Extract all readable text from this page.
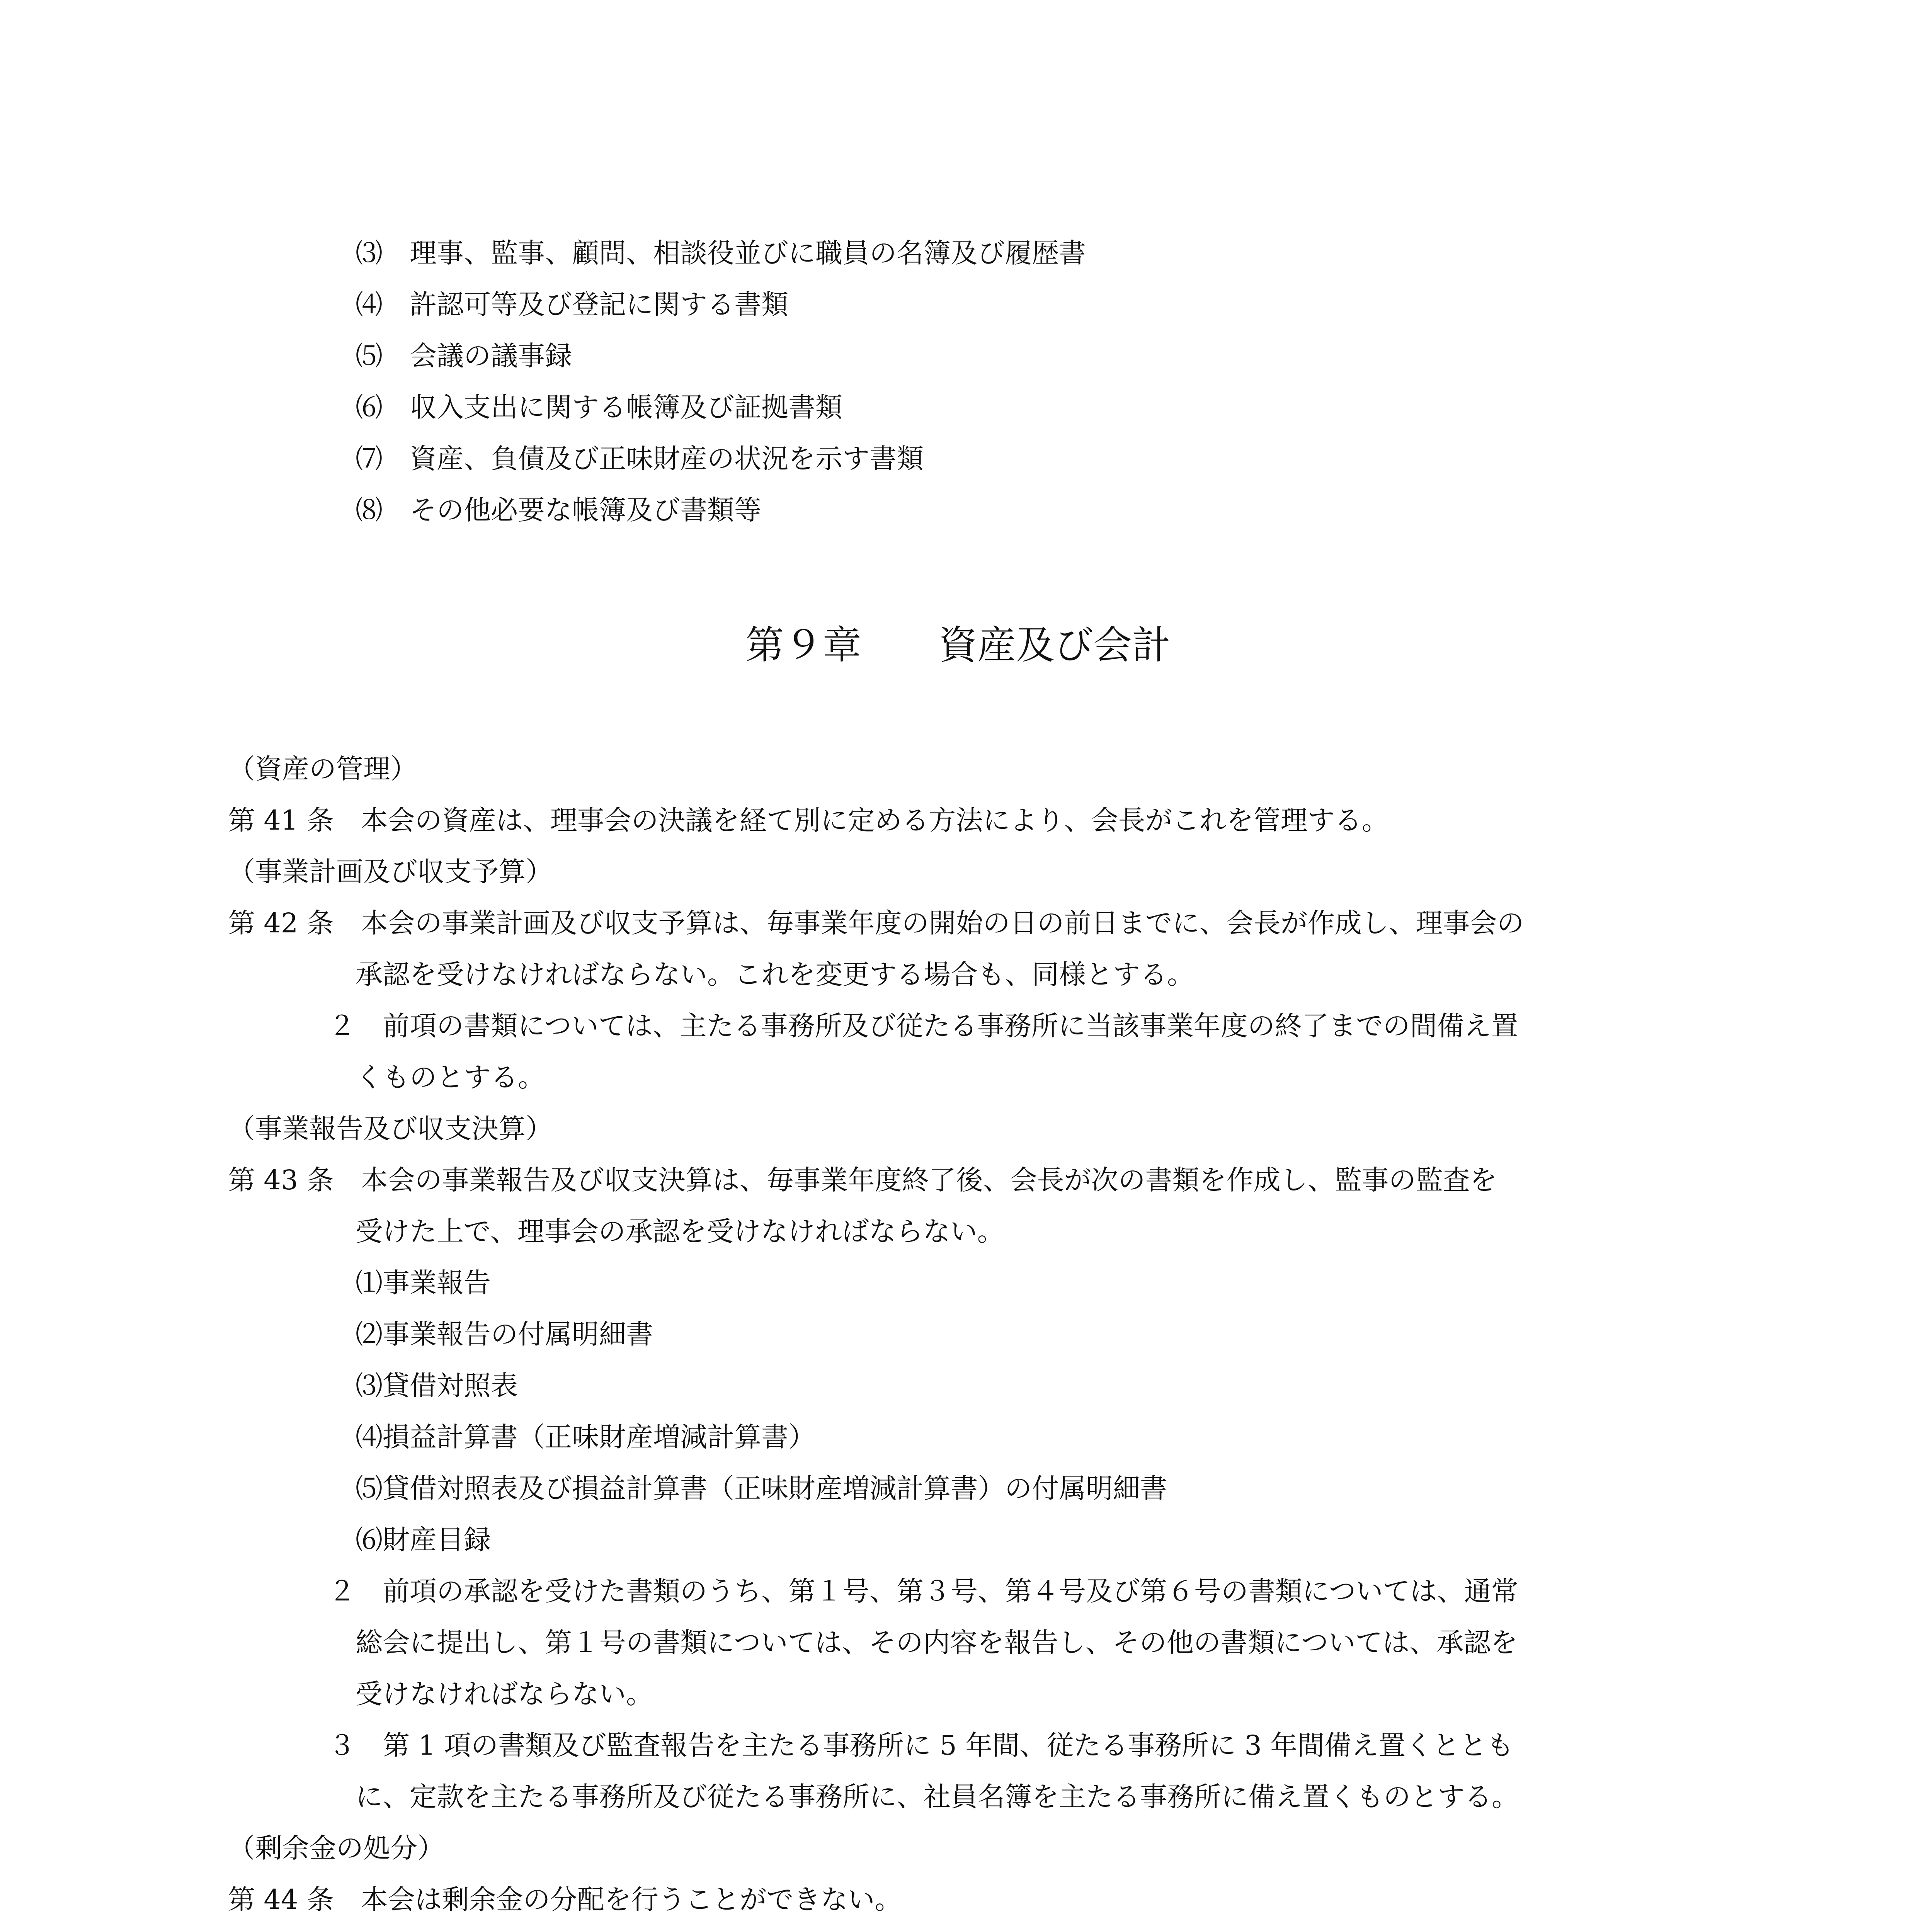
⑶　理事、監事、顧問、相談役並びに職員の名簿及び履歴書
⑷　許認可等及び登記に関する書類
⑸　会議の議事録
⑹　収入支出に関する帳簿及び証拠書類
⑺　資産、負債及び正味財産の状況を示す書類
⑻　その他必要な帳簿及び書類等
第９章　　資産及び会計
（資産の管理）
第 41 条　本会の資産は、理事会の決議を経て別に定める方法により、会長がこれを管理する。
（事業計画及び収支予算）
第 42 条　本会の事業計画及び収支予算は、毎事業年度の開始の日の前日までに、会長が作成し、理事会の
承認を受けなければならない。これを変更する場合も、同様とする。
２　前項の書類については、主たる事務所及び従たる事務所に当該事業年度の終了までの間備え置
くものとする。
（事業報告及び収支決算）
第 43 条　本会の事業報告及び収支決算は、毎事業年度終了後、会長が次の書類を作成し、監事の監査を
受けた上で、理事会の承認を受けなければならない。
⑴事業報告
⑵事業報告の付属明細書
⑶貸借対照表
⑷損益計算書（正味財産増減計算書）
⑸貸借対照表及び損益計算書（正味財産増減計算書）の付属明細書
⑹財産目録
２　前項の承認を受けた書類のうち、第１号、第３号、第４号及び第６号の書類については、通常
総会に提出し、第１号の書類については、その内容を報告し、その他の書類については、承認を
受けなければならない。
３　第 1 項の書類及び監査報告を主たる事務所に 5 年間、従たる事務所に 3 年間備え置くととも
に、定款を主たる事務所及び従たる事務所に、社員名簿を主たる事務所に備え置くものとする。
（剰余金の処分）
第 44 条　本会は剰余金の分配を行うことができない。
